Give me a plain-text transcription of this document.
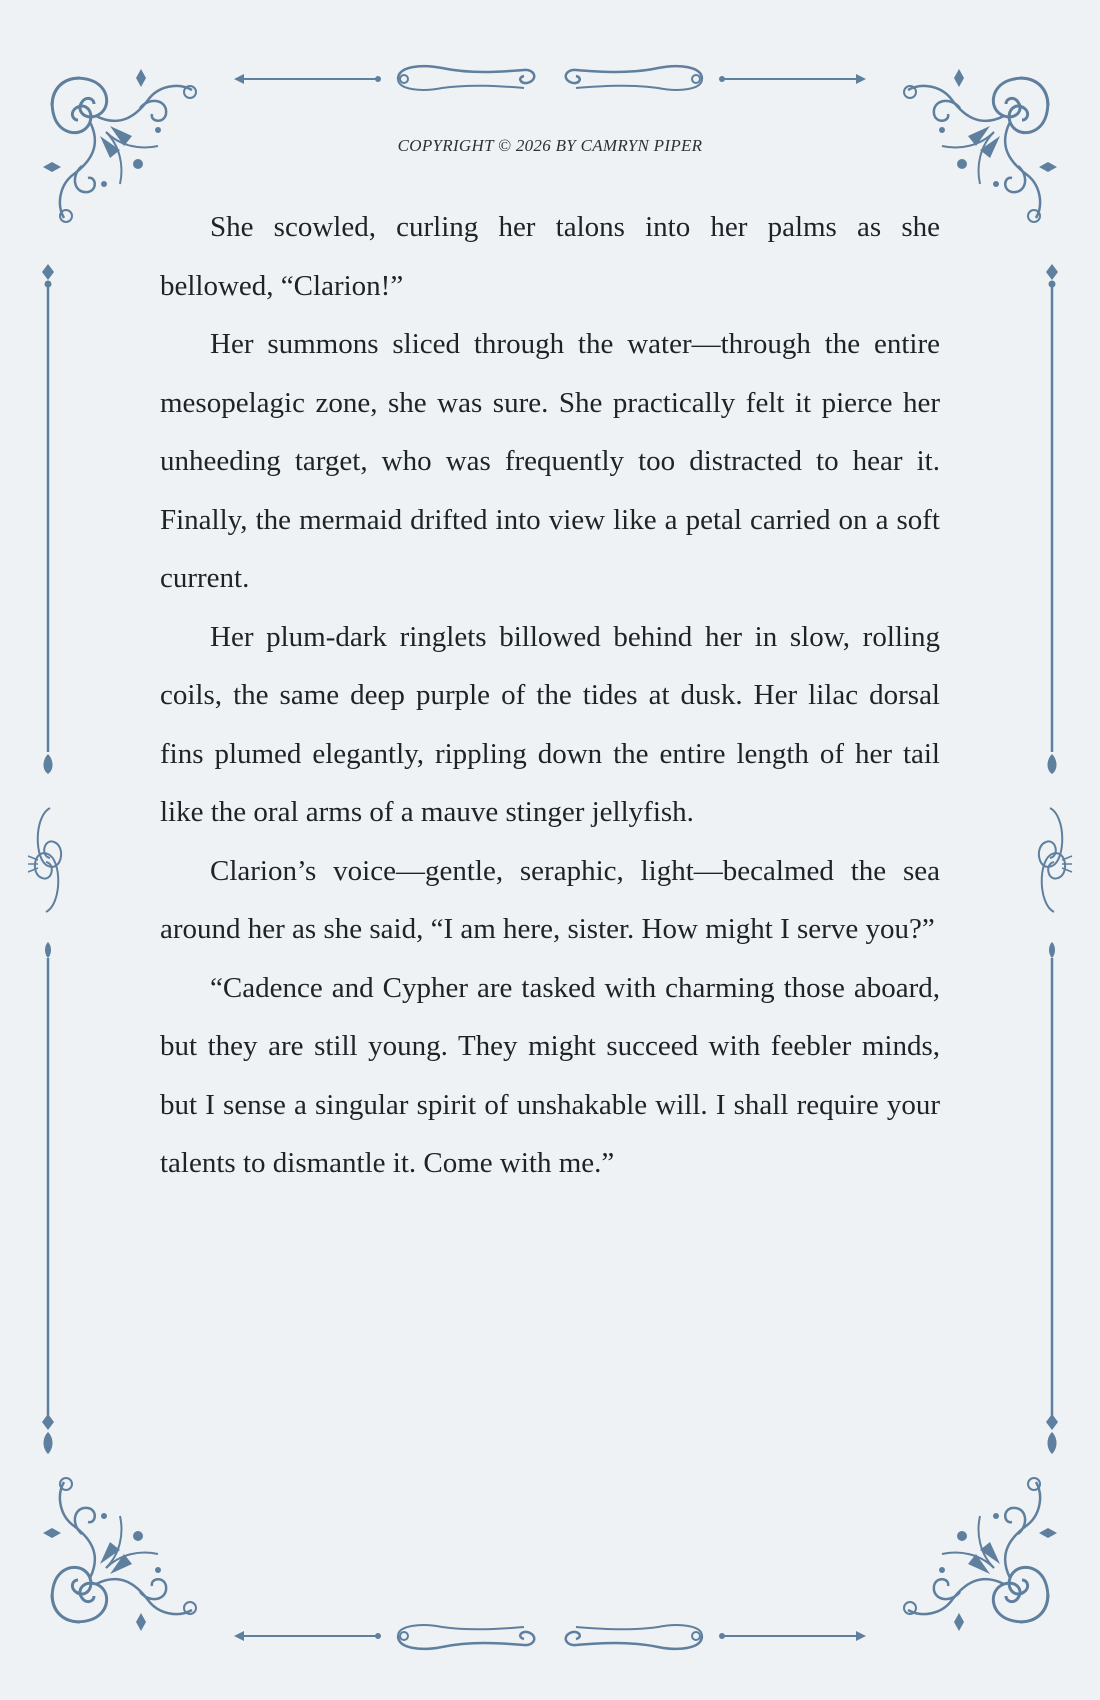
COPYRIGHT © 2026 BY CAMRYN PIPER

She scowled, curling her talons into her palms as she bellowed, “Clarion!”

Her summons sliced through the water—through the entire mesopelagic zone, she was sure. She practically felt it pierce her unheeding target, who was frequently too distracted to hear it. Finally, the mermaid drifted into view like a petal carried on a soft current.

Her plum-dark ringlets billowed behind her in slow, rolling coils, the same deep purple of the tides at dusk. Her lilac dorsal fins plumed elegantly, rippling down the entire length of her tail like the oral arms of a mauve stinger jellyfish.

Clarion’s voice—gentle, seraphic, light—becalmed the sea around her as she said, “I am here, sister. How might I serve you?”

“Cadence and Cypher are tasked with charming those aboard, but they are still young. They might succeed with feebler minds, but I sense a singular spirit of unshakable will. I shall require your talents to dismantle it. Come with me.”
